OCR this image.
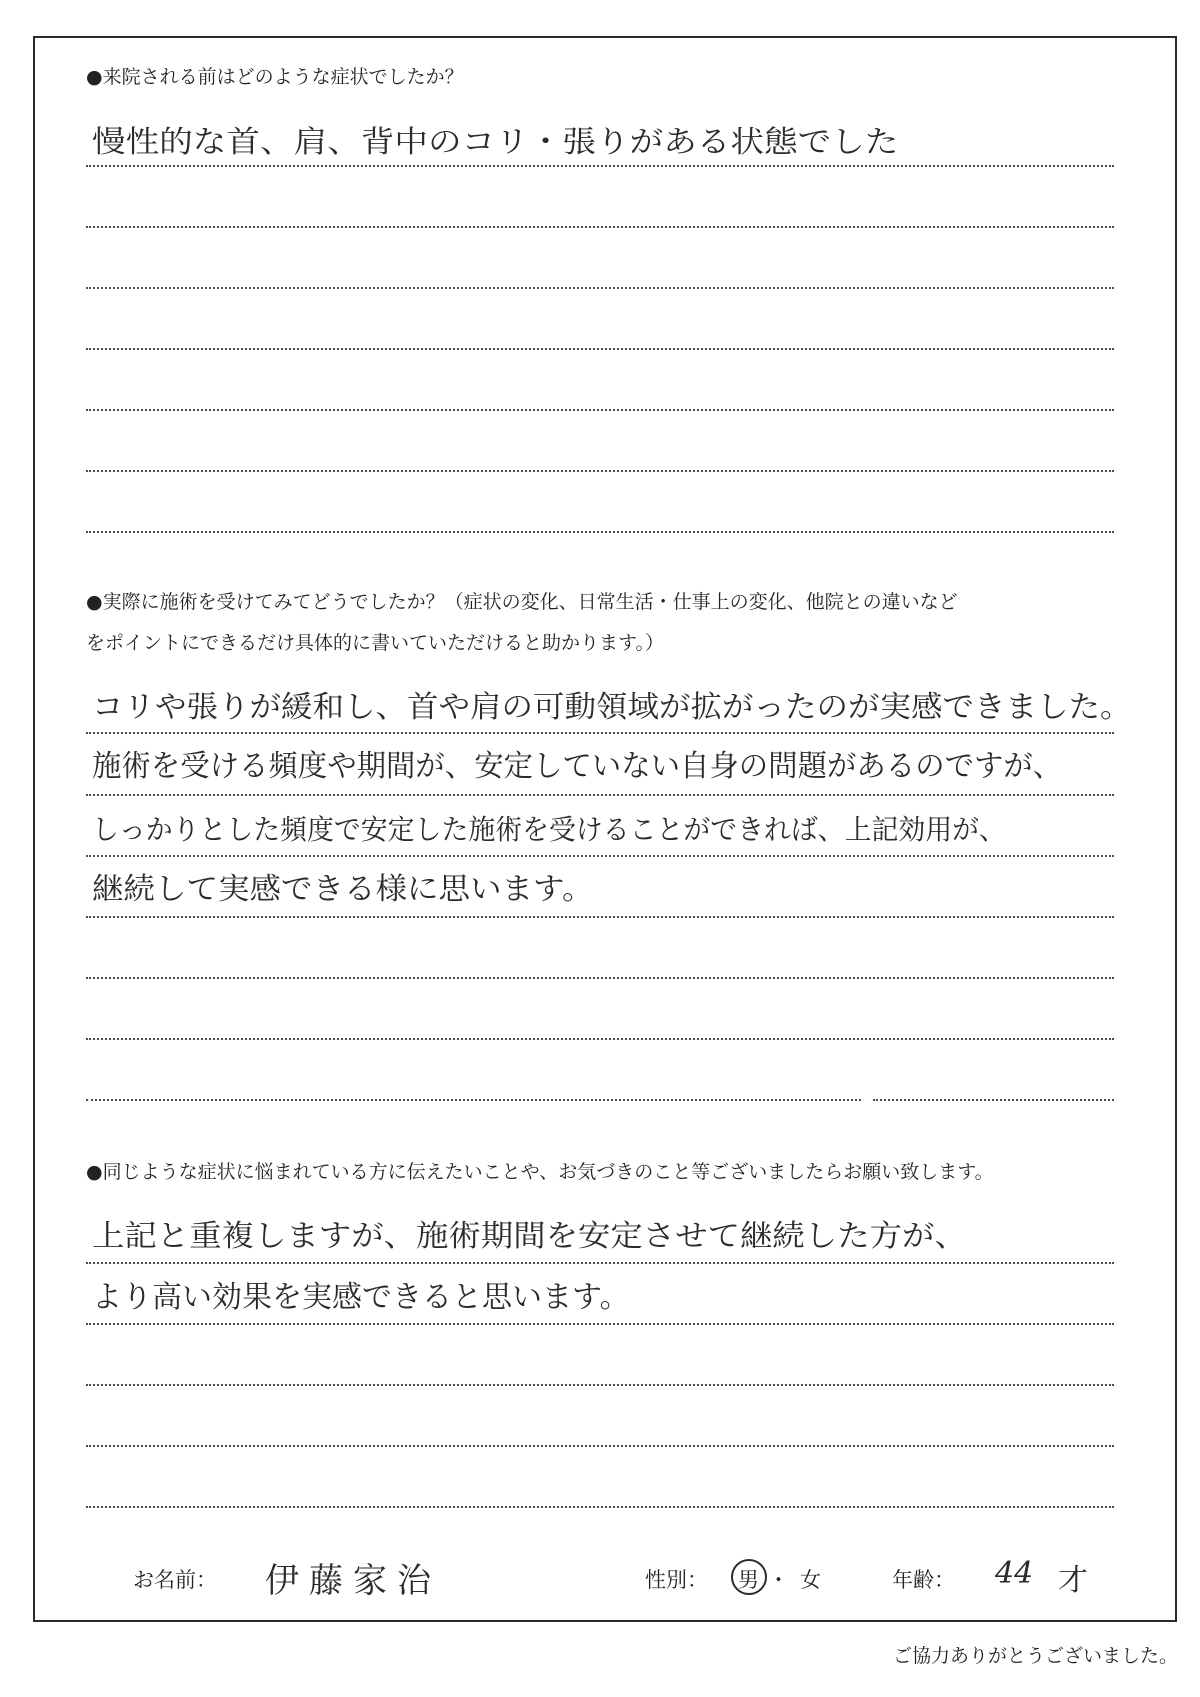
●来院される前はどのような症状でしたか？

慢性的な首、肩、背中のコリ・張りがある状態でした

●実際に施術を受けてみてどうでしたか？（症状の変化、日常生活・仕事上の変化、他院との違いなど

をポイントにできるだけ具体的に書いていただけると助かります。）

コリや張りが緩和し、首や肩の可動領域が拡がったのが実感できました。

施術を受ける頻度や期間が、安定していない自身の問題があるのですが、

しっかりとした頻度で安定した施術を受けることができれば、上記効用が、

継続して実感できる様に思います。

●同じような症状に悩まれている方に伝えたいことや、お気づきのこと等ございましたらお願い致します。

上記と重複しますが、施術期間を安定させて継続した方が、

より高い効果を実感できると思います。

お名前： 伊藤家治	性別： 男 ・ 女	年齢： 44 才

ご協力ありがとうございました。
